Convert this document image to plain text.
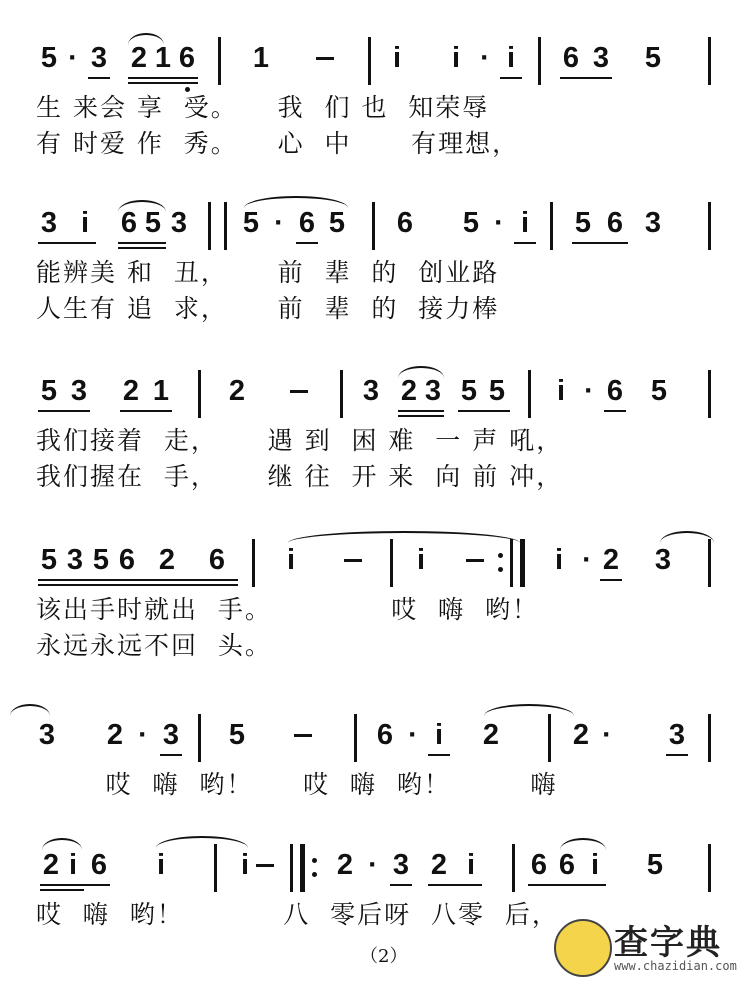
5 · 3 2 1 6 1	i i · i 6 3 5
生 来会 享  受。    我  们 也  知荣辱
有 时爱 作  秀。    心  中      有理想，
3 i 6 5 3 5 · 6 5 6 5 · i 5 6 3
能辨美 和  丑，     前  辈  的  创业路
人生有 追  求，     前  辈  的  接力棒
5 3 2 1 2	3 2 3 5 5 i · 6 5
我们接着  走，     遇 到  困 难  一 声 吼，
我们握在  手，     继 往  开 来  向 前 冲，
5 3 5 6 2 6 i	i	i · 2 3
该出手时就出  手。            哎  嗨  哟！
永远永远不回  头。
3 2 · 3 5	6 · i 2	2 · 3
哎  嗨  哟！     哎  嗨  哟！        嗨
2 i 6 i	i	2 · 3 2 i 6 6 i 5
哎  嗨  哟！          八  零后呀  八零  后，
（2）	查字典
www.chazidian.com
